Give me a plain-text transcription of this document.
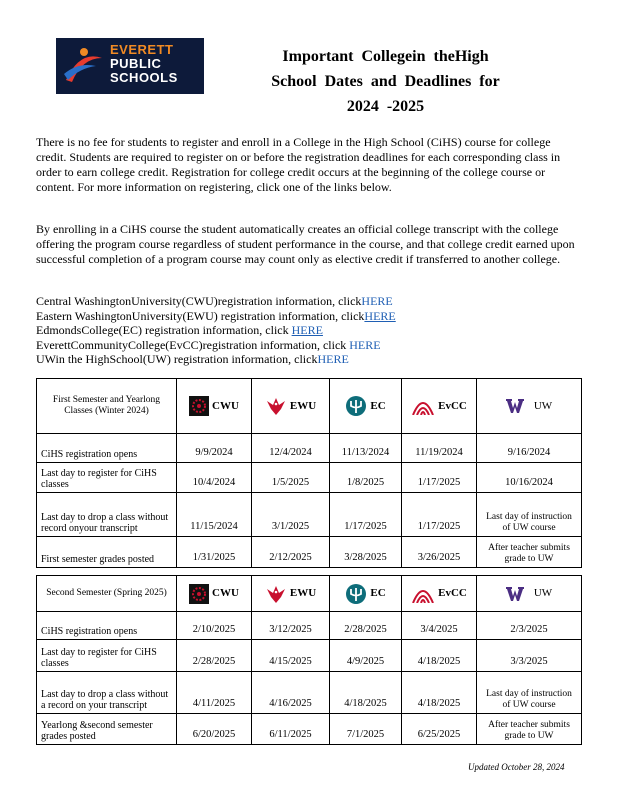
EVERETT
PUBLIC
SCHOOLS
Important Collegein theHigh
School Dates and Deadlines for
2024 -2025

There is no fee for students to register and enroll in a College in the High School (CiHS) course for college credit. Students are required to register on or before the registration deadlines for each corresponding class in order to earn college credit. Registration for college credit occurs at the beginning of the college course or content. For more information on registering, click one of the links below.

By enrolling in a CiHS course the student automatically creates an official college transcript with the college offering the program course regardless of student performance in the course, and that college credit earned upon successful completion of a program course may count only as elective credit if transferred to another college.

Central WashingtonUniversity(CWU)registration information, clickHERE
Eastern WashingtonUniversity(EWU) registration information, clickHERE
EdmondsCollege(EC) registration information, click HERE
EverettCommunityCollege(EvCC)registration information, click HERE
UWin the HighSchool(UW) registration information, clickHERE
First Semester and Yearlong Classes (Winter 2024)	CWU	EWU	EC	EvCC	UW

CiHS registration opens	9/9/2024	12/4/2024	11/13/2024	11/19/2024	9/16/2024
Last day to register for CiHS classes	10/4/2024	1/5/2025	1/8/2025	1/17/2025	10/16/2024
Last day to drop a class without record onyour transcript	11/15/2024	3/1/2025	1/17/2025	1/17/2025	Last day of instruction of UW course
First semester grades posted	1/31/2025	2/12/2025	3/28/2025	3/26/2025	After teacher submits grade to UW
Second Semester (Spring 2025)	CWU	EWU	EC	EvCC	UW

CiHS registration opens	2/10/2025	3/12/2025	2/28/2025	3/4/2025	2/3/2025
Last day to register for CiHS classes	2/28/2025	4/15/2025	4/9/2025	4/18/2025	3/3/2025
Last day to drop a class without a record on your transcript	4/11/2025	4/16/2025	4/18/2025	4/18/2025	Last day of instruction of UW course
Yearlong &second semester grades posted	6/20/2025	6/11/2025	7/1/2025	6/25/2025	After teacher submits grade to UW
Updated October 28, 2024
